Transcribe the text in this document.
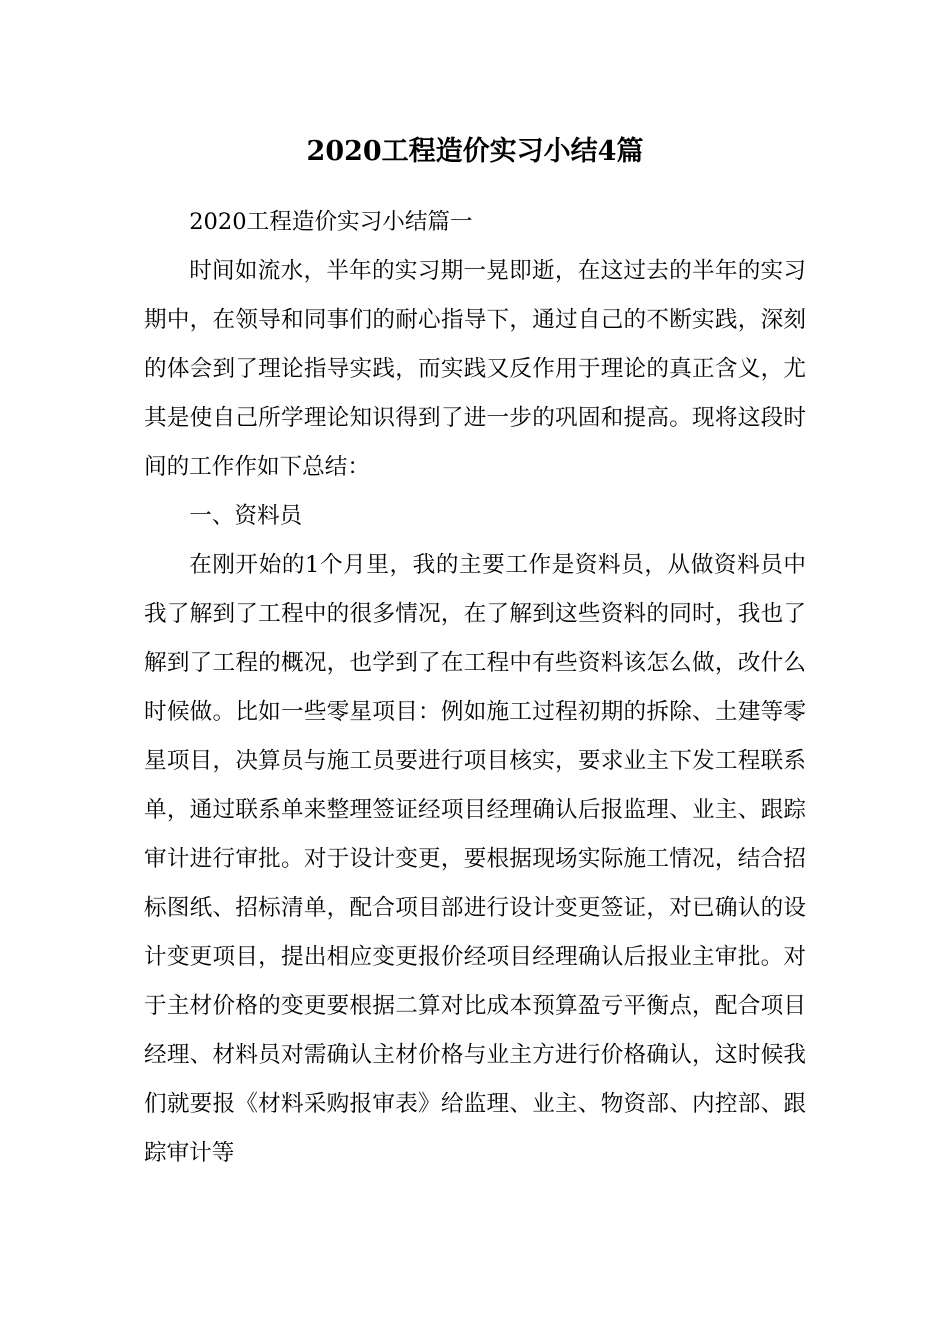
2020工程造价实习小结4篇

2020工程造价实习小结篇一

时间如流水，半年的实习期一晃即逝，在这过去的半年的实习期中，在领导和同事们的耐心指导下，通过自己的不断实践，深刻的体会到了理论指导实践，而实践又反作用于理论的真正含义，尤其是使自己所学理论知识得到了进一步的巩固和提高。现将这段时间的工作作如下总结：

一、资料员

在刚开始的1个月里，我的主要工作是资料员，从做资料员中我了解到了工程中的很多情况，在了解到这些资料的同时，我也了解到了工程的概况，也学到了在工程中有些资料该怎么做，改什么时候做。比如一些零星项目：例如施工过程初期的拆除、土建等零星项目，决算员与施工员要进行项目核实，要求业主下发工程联系单，通过联系单来整理签证经项目经理确认后报监理、业主、跟踪审计进行审批。对于设计变更，要根据现场实际施工情况，结合招标图纸、招标清单，配合项目部进行设计变更签证，对已确认的设计变更项目，提出相应变更报价经项目经理确认后报业主审批。对于主材价格的变更要根据二算对比成本预算盈亏平衡点，配合项目经理、材料员对需确认主材价格与业主方进行价格确认，这时候我们就要报《材料采购报审表》给监理、业主、物资部、内控部、跟踪审计等
